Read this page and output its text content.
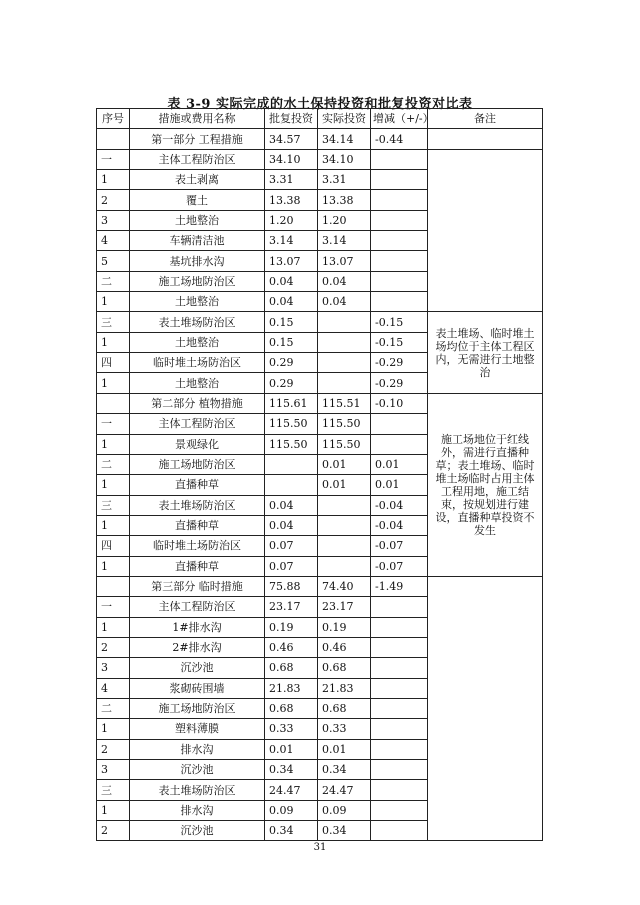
表 3-9 实际完成的水土保持投资和批复投资对比表
序号	措施或费用名称	批复投资	实际投资	增减（+/-）	备注
	第一部分 工程措施	34.57	34.14	-0.44	
一	主体工程防治区	34.10	34.10		
1	表土剥离	3.31	3.31		
2	覆土	13.38	13.38		
3	土地整治	1.20	1.20		
4	车辆清洁池	3.14	3.14		
5	基坑排水沟	13.07	13.07		
二	施工场地防治区	0.04	0.04		
1	土地整治	0.04	0.04		
三	表土堆场防治区	0.15		-0.15	表土堆场、临时堆土场均位于主体工程区内，无需进行土地整治
1	土地整治	0.15		-0.15	
四	临时堆土场防治区	0.29		-0.29	
1	土地整治	0.29		-0.29	
	第二部分 植物措施	115.61	115.51	-0.10	施工场地位于红线外，需进行直播种草；表土堆场、临时堆土场临时占用主体工程用地，施工结束，按规划进行建设，直播种草投资不发生
一	主体工程防治区	115.50	115.50		
1	景观绿化	115.50	115.50		
二	施工场地防治区		0.01	0.01	
1	直播种草		0.01	0.01	
三	表土堆场防治区	0.04		-0.04	
1	直播种草	0.04		-0.04	
四	临时堆土场防治区	0.07		-0.07	
1	直播种草	0.07		-0.07	
	第三部分 临时措施	75.88	74.40	-1.49	
一	主体工程防治区	23.17	23.17		
1	1#排水沟	0.19	0.19		
2	2#排水沟	0.46	0.46		
3	沉沙池	0.68	0.68		
4	浆砌砖围墙	21.83	21.83		
二	施工场地防治区	0.68	0.68		
1	塑料薄膜	0.33	0.33		
2	排水沟	0.01	0.01		
3	沉沙池	0.34	0.34		
三	表土堆场防治区	24.47	24.47		
1	排水沟	0.09	0.09		
2	沉沙池	0.34	0.34		
31
